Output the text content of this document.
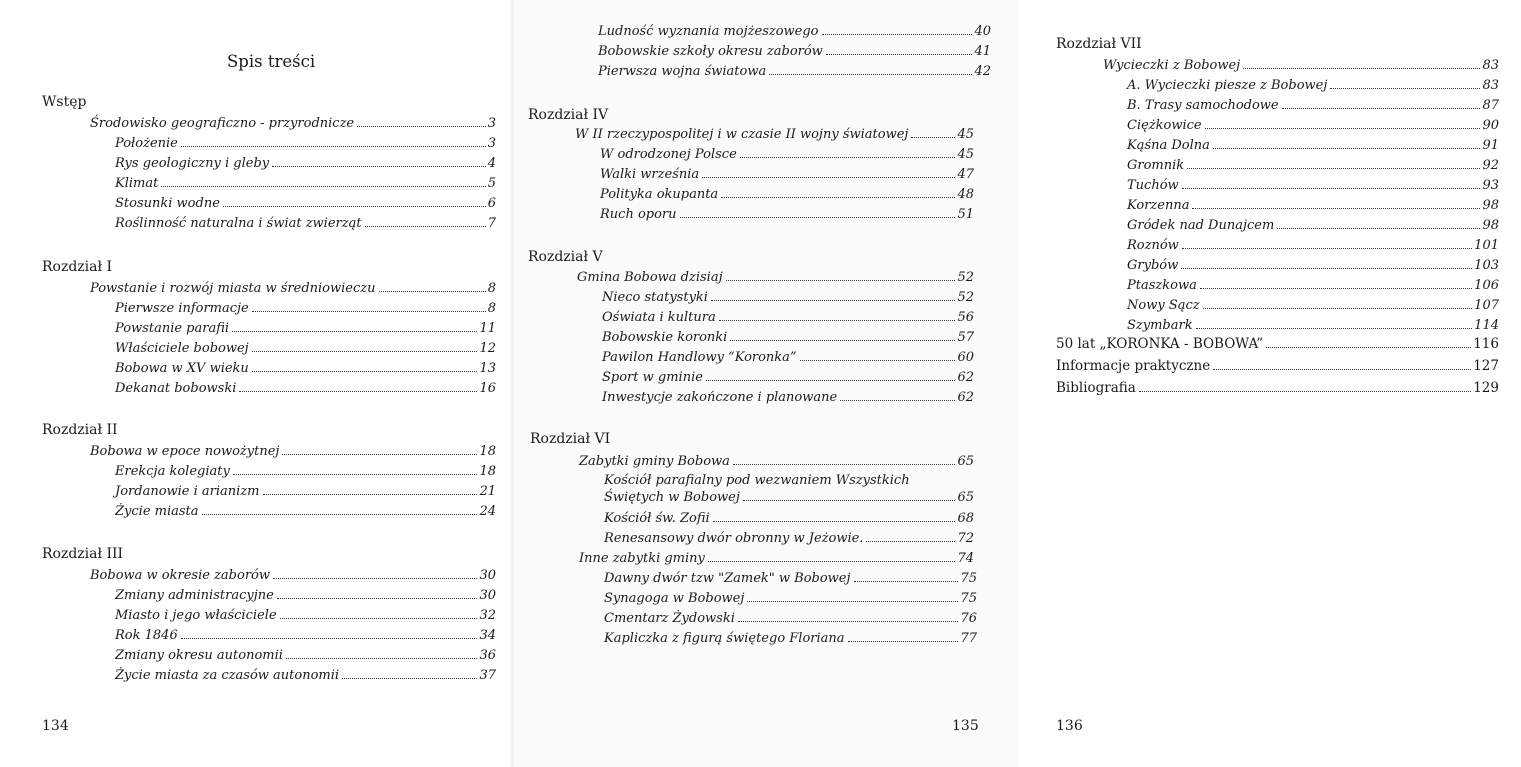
Spis treści
Wstęp
Środowisko geograficzno - przyrodnicze	3
Położenie	3
Rys geologiczny i gleby	4
Klimat	5
Stosunki wodne	6
Roślinność naturalna i świat zwierząt	7
Rozdział I
Powstanie i rozwój miasta w średniowieczu	8
Pierwsze informacje	8
Powstanie parafii	11
Właściciele bobowej	12
Bobowa w XV wieku	13
Dekanat bobowski	16
Rozdział II
Bobowa w epoce nowożytnej	18
Erekcja kolegiaty	18
Jordanowie i arianizm	21
Życie miasta	24
Rozdział III
Bobowa w okresie zaborów	30
Zmiany administracyjne	30
Miasto i jego właściciele	32
Rok 1846	34
Zmiany okresu autonomii	36
Życie miasta za czasów autonomii	37
134
Ludność wyznania mojżeszowego	40
Bobowskie szkoły okresu zaborów	41
Pierwsza wojna światowa	42
Rozdział IV
W II rzeczypospolitej i w czasie II wojny światowej	45
W odrodzonej Polsce	45
Walki września	47
Polityka okupanta	48
Ruch oporu	51
Rozdział V
Gmina Bobowa dzisiaj	52
Nieco statystyki	52
Oświata i kultura	56
Bobowskie koronki	57
Pawilon Handlowy “Koronka”	60
Sport w gminie	62
Inwestycje zakończone i planowane	62
Rozdział VI
Zabytki gminy Bobowa	65
Kościół parafialny pod wezwaniem Wszystkich
Świętych w Bobowej	65
Kościół św. Zofii	68
Renesansowy dwór obronny w Jeżowie.	72
Inne zabytki gminy	74
Dawny dwór tzw "Zamek" w Bobowej	75
Synagoga w Bobowej	75
Cmentarz Żydowski	76
Kapliczka z figurą świętego Floriana	77
135
Rozdział VII
Wycieczki z Bobowej	83
A. Wycieczki piesze z Bobowej	83
B. Trasy samochodowe	87
Ciężkowice	90
Kąśna Dolna	91
Gromnik	92
Tuchów	93
Korzenna	98
Gródek nad Dunajcem	98
Roznów	101
Grybów	103
Ptaszkowa	106
Nowy Sącz	107
Szymbark	114
50 lat „KORONKA - BOBOWA”	116
Informacje praktyczne	127
Bibliografia	129
136
